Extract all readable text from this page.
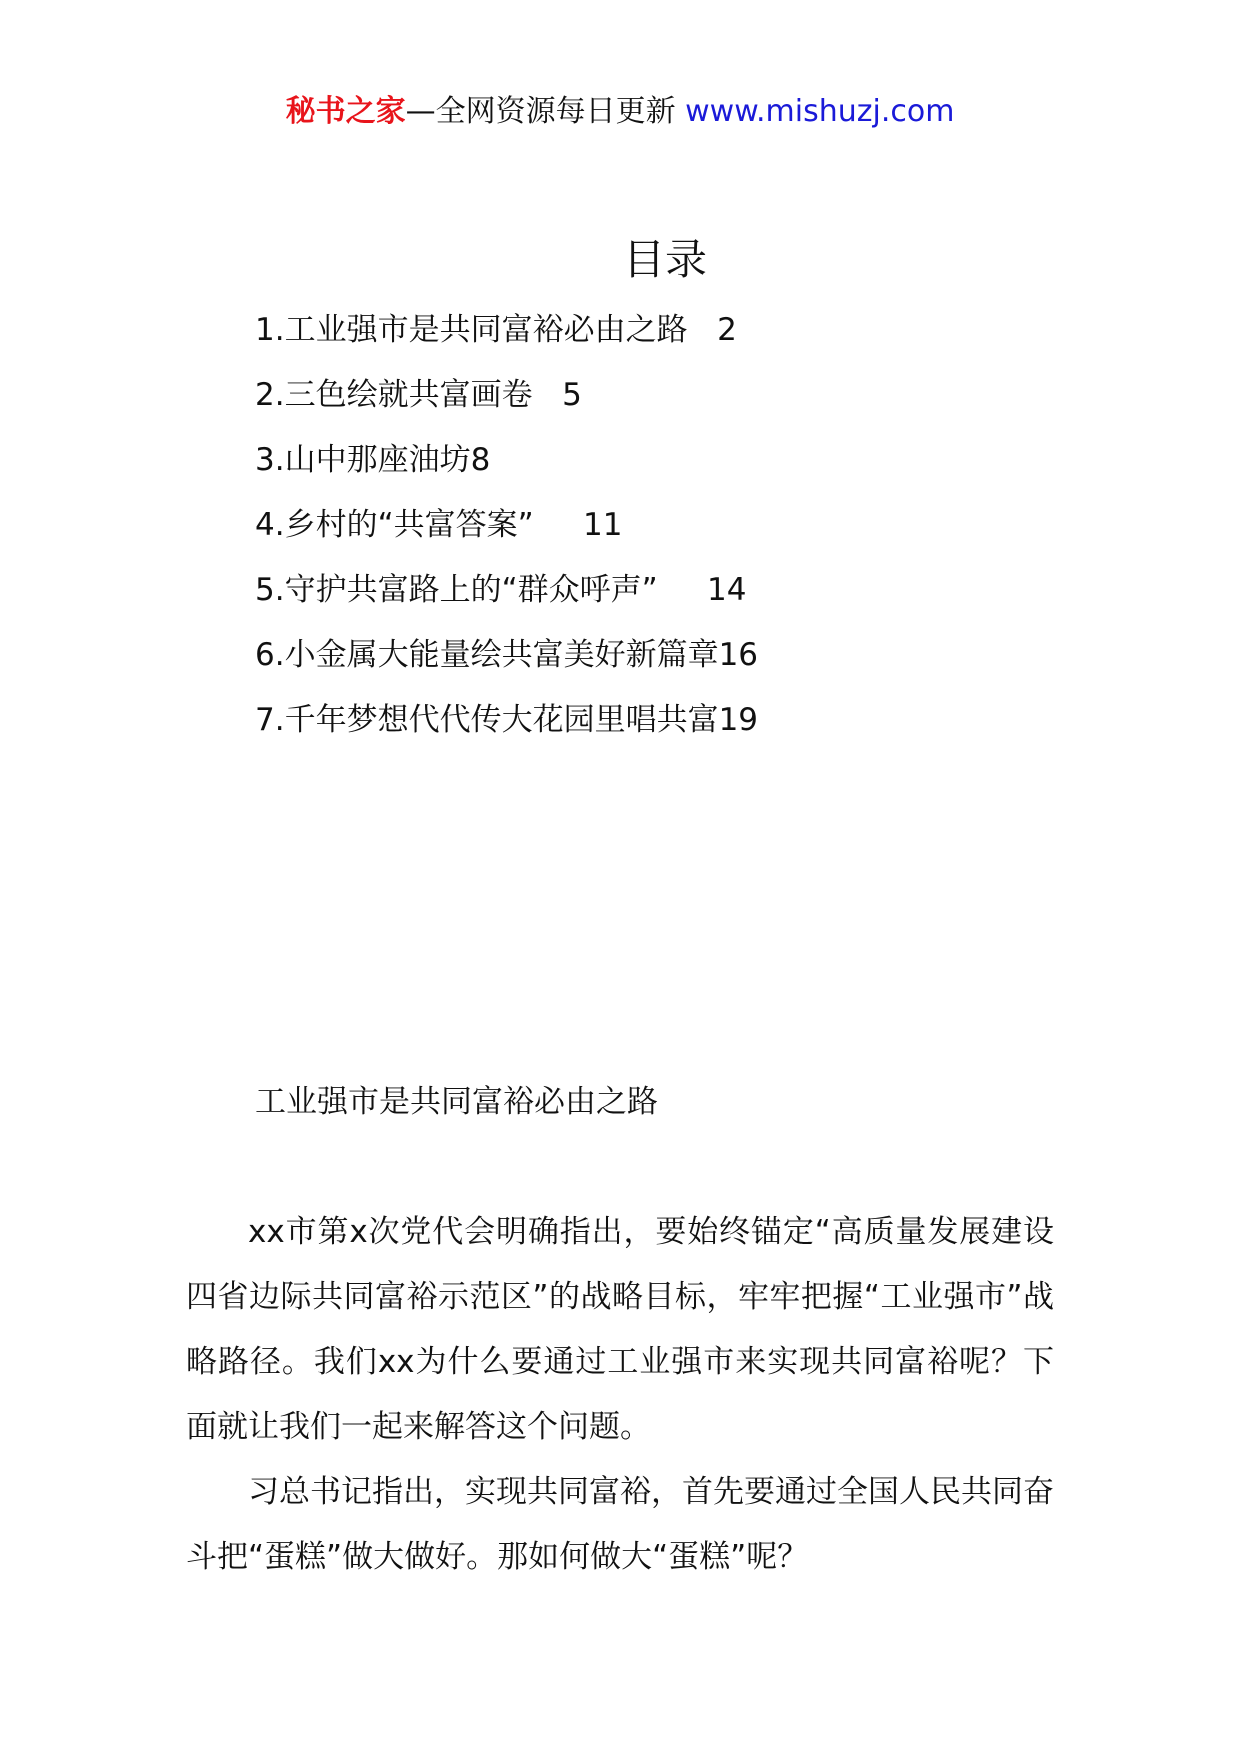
秘书之家—全网资源每日更新 www.mishuzj.com
目录
1.工业强市是共同富裕必由之路   2
2.三色绘就共富画卷   5
3.山中那座油坊8
4.乡村的“共富答案”     11
5.守护共富路上的“群众呼声”     14
6.小金属大能量绘共富美好新篇章16
7.千年梦想代代传大花园里唱共富19
工业强市是共同富裕必由之路

xx市第x次党代会明确指出，要始终锚定“高质量发展建设四省边际共同富裕示范区”的战略目标，牢牢把握“工业强市”战略路径。我们xx为什么要通过工业强市来实现共同富裕呢？下面就让我们一起来解答这个问题。

习总书记指出，实现共同富裕，首先要通过全国人民共同奋斗把“蛋糕”做大做好。那如何做大“蛋糕”呢？
